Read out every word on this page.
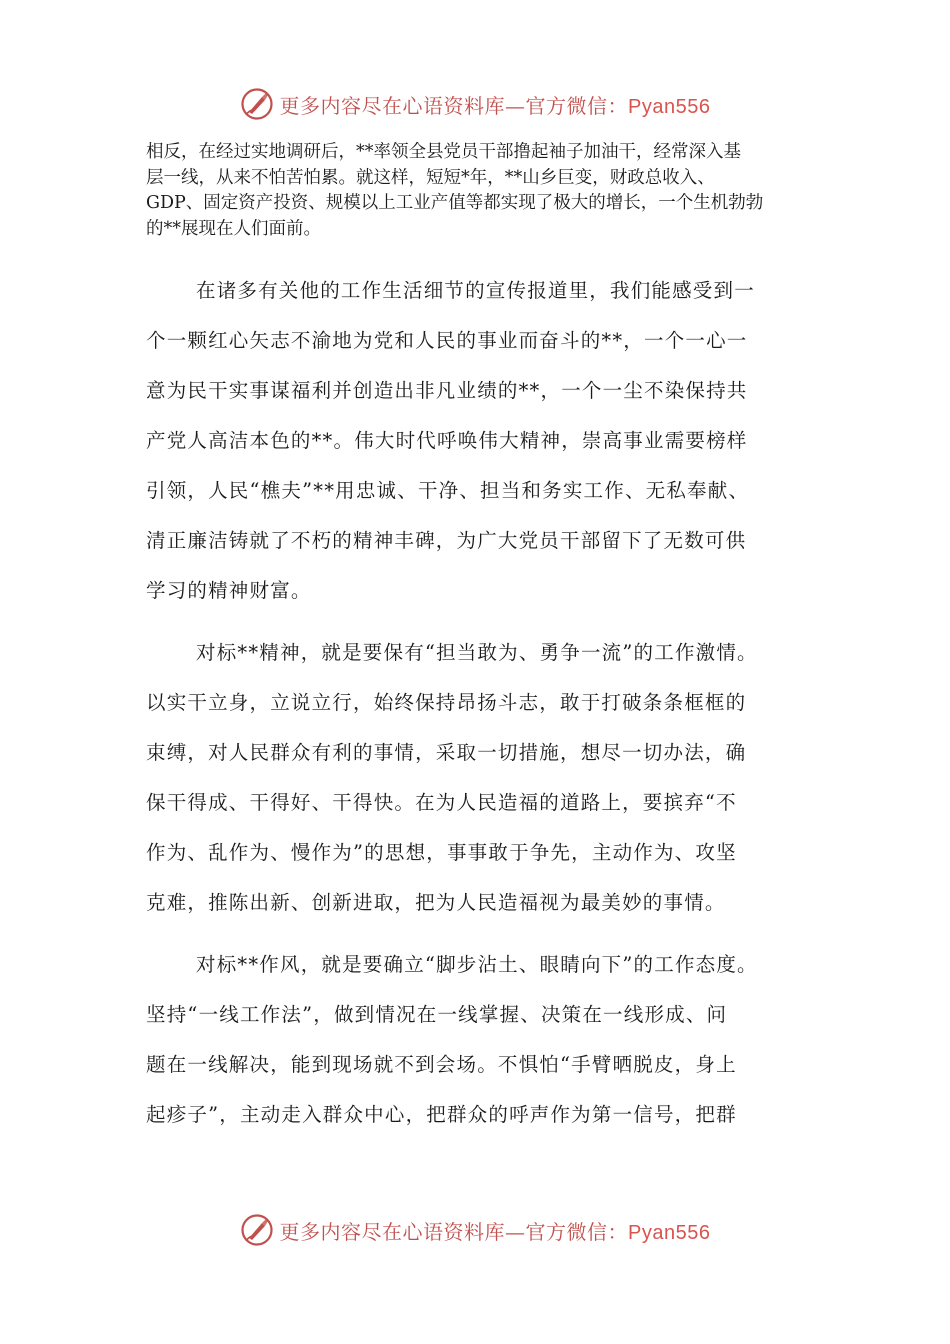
更多内容尽在心语资料库—官方微信：Pyan556

相反，在经过实地调研后，**率领全县党员干部撸起袖子加油干，经常深入基
层一线，从来不怕苦怕累。就这样，短短*年，**山乡巨变，财政总收入、
GDP、固定资产投资、规模以上工业产值等都实现了极大的增长，一个生机勃勃
的**展现在人们面前。

在诸多有关他的工作生活细节的宣传报道里，我们能感受到一
个一颗红心矢志不渝地为党和人民的事业而奋斗的**，一个一心一
意为民干实事谋福利并创造出非凡业绩的**，一个一尘不染保持共
产党人高洁本色的**。伟大时代呼唤伟大精神，崇高事业需要榜样
引领，人民“樵夫”**用忠诚、干净、担当和务实工作、无私奉献、
清正廉洁铸就了不朽的精神丰碑，为广大党员干部留下了无数可供
学习的精神财富。

对标**精神，就是要保有“担当敢为、勇争一流”的工作激情。
以实干立身，立说立行，始终保持昂扬斗志，敢于打破条条框框的
束缚，对人民群众有利的事情，采取一切措施，想尽一切办法，确
保干得成、干得好、干得快。在为人民造福的道路上，要摈弃“不
作为、乱作为、慢作为”的思想，事事敢于争先，主动作为、攻坚
克难，推陈出新、创新进取，把为人民造福视为最美妙的事情。

对标**作风，就是要确立“脚步沾土、眼睛向下”的工作态度。
坚持“一线工作法”，做到情况在一线掌握、决策在一线形成、问
题在一线解决，能到现场就不到会场。不惧怕“手臂晒脱皮，身上
起疹子”，主动走入群众中心，把群众的呼声作为第一信号，把群

更多内容尽在心语资料库—官方微信：Pyan556
